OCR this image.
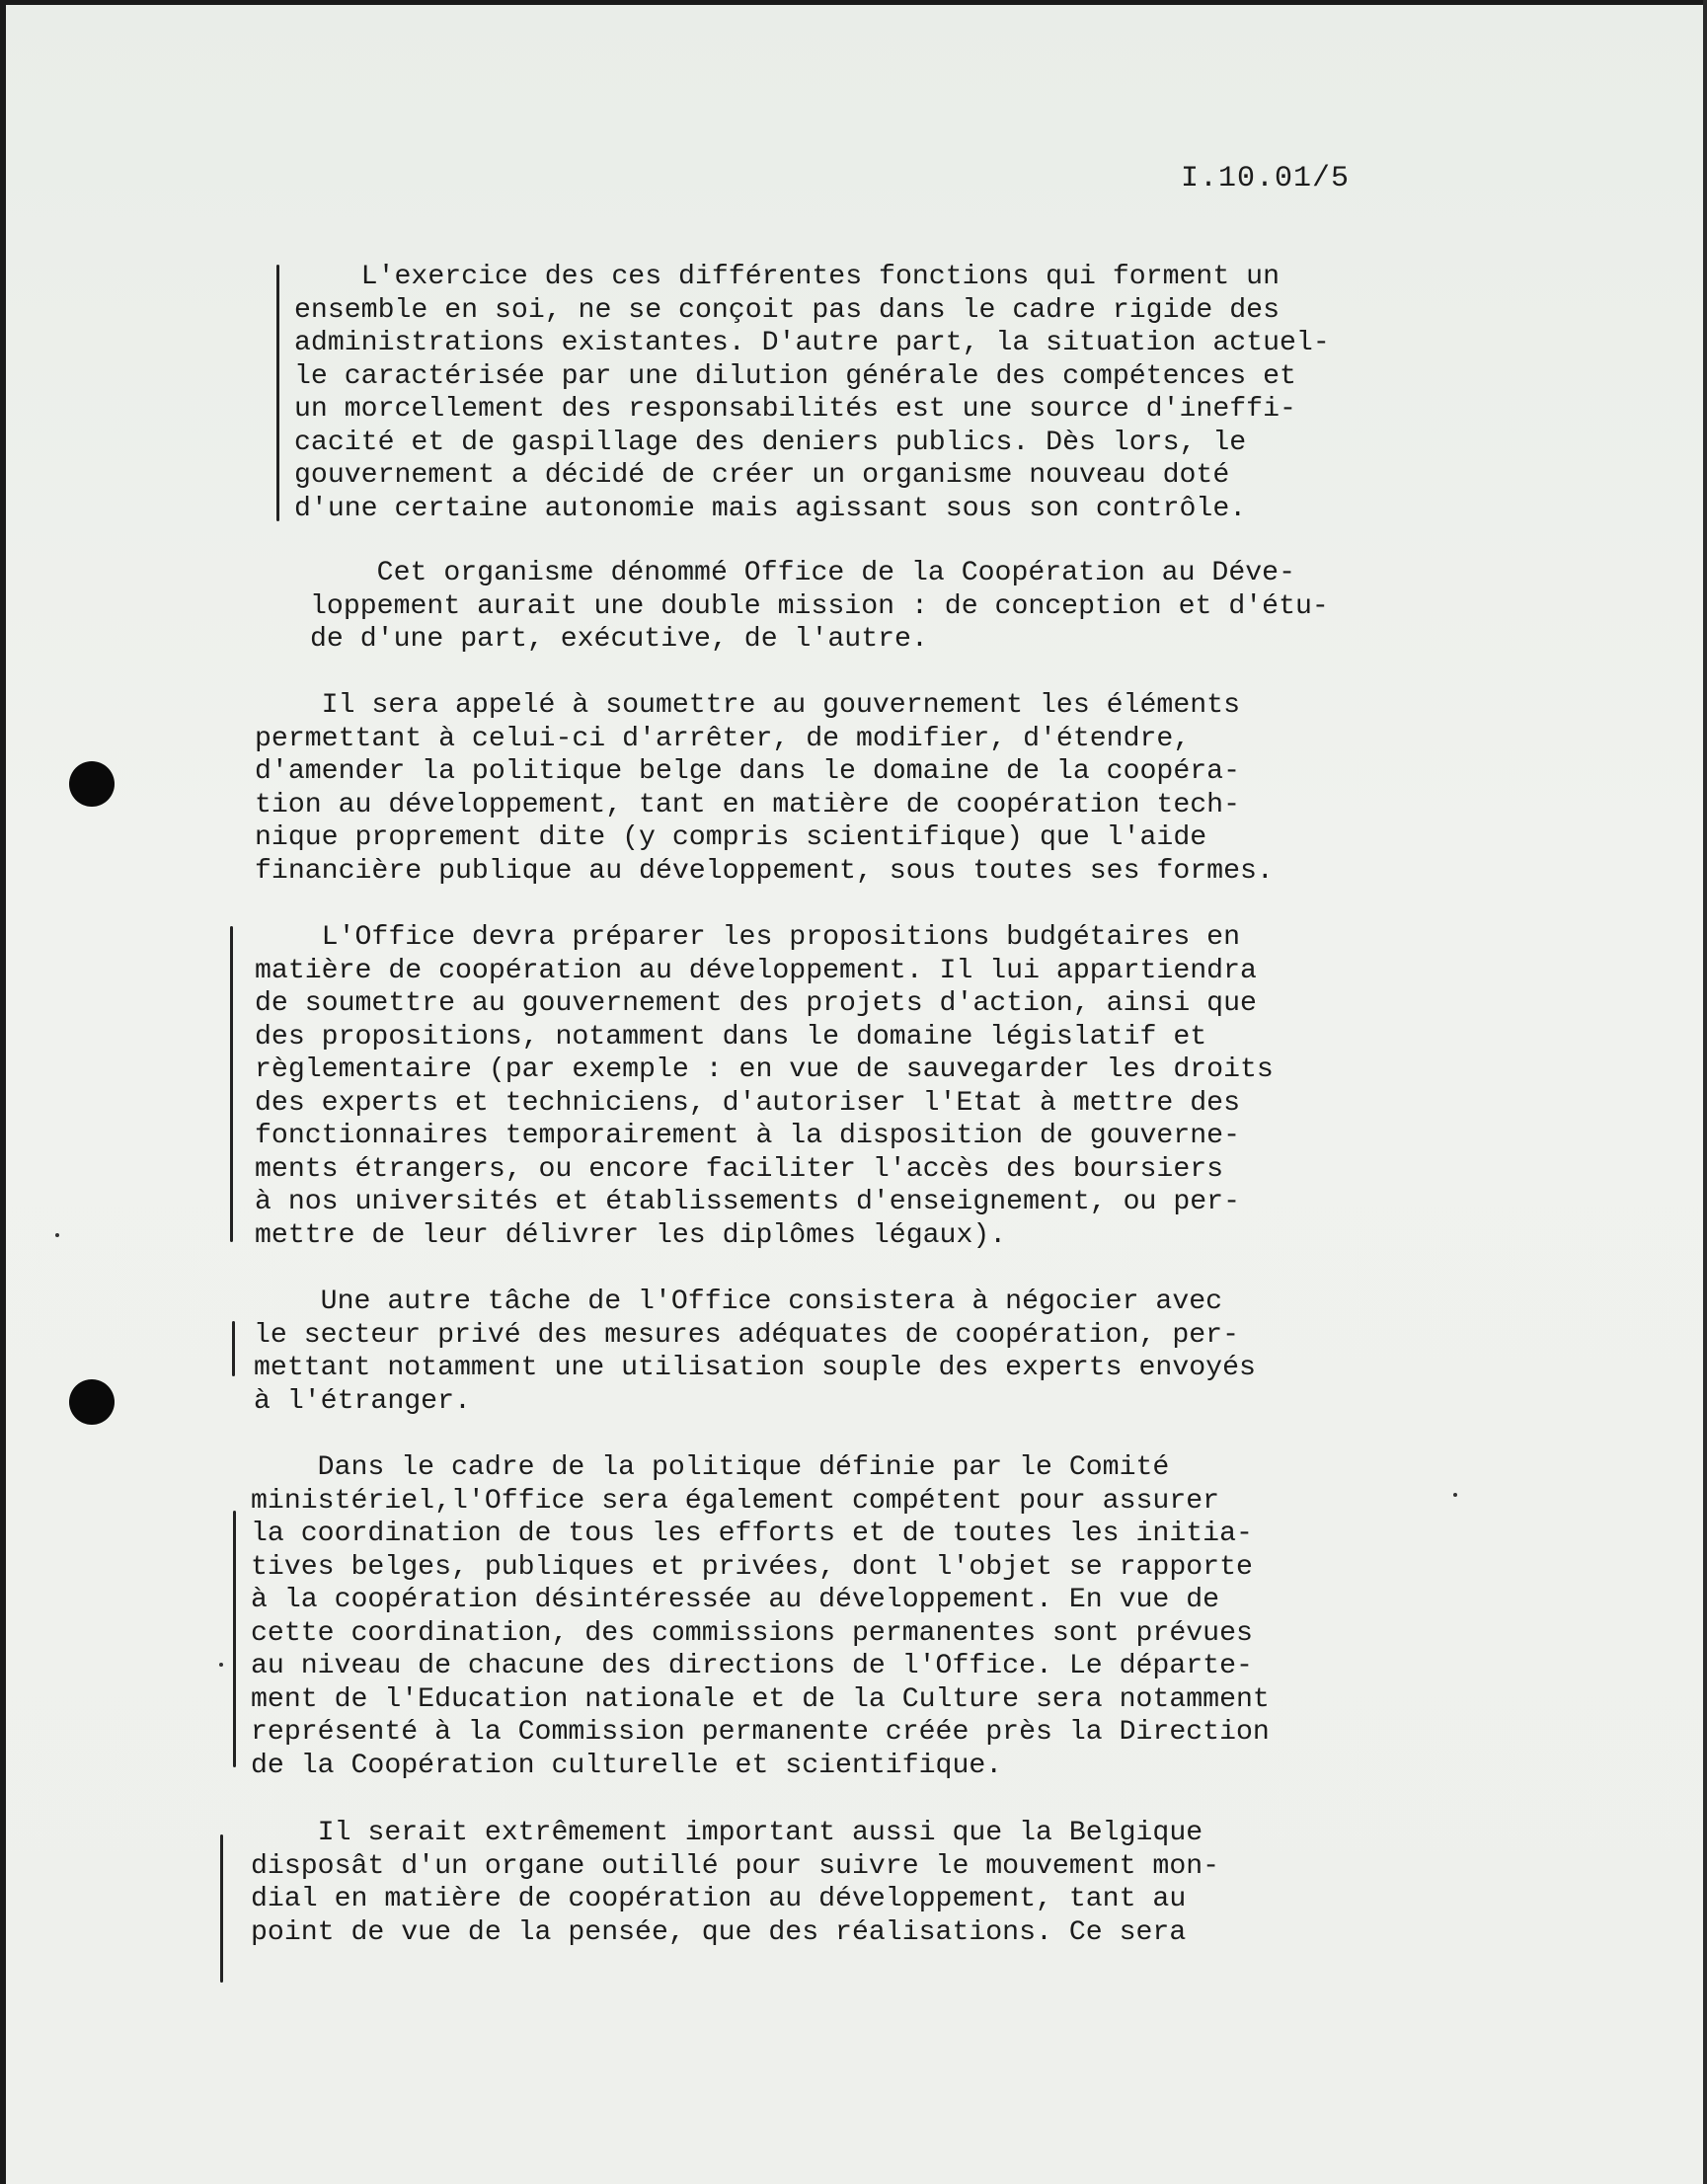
I.10.01/5
L'exercice des ces différentes fonctions qui forment un
ensemble en soi, ne se conçoit pas dans le cadre rigide des
administrations existantes. D'autre part, la situation actuel-
le caractérisée par une dilution générale des compétences et
un morcellement des responsabilités est une source d'ineffi-
cacité et de gaspillage des deniers publics. Dès lors, le
gouvernement a décidé de créer un organisme nouveau doté
d'une certaine autonomie mais agissant sous son contrôle.
Cet organisme dénommé Office de la Coopération au Déve-
loppement aurait une double mission : de conception et d'étu-
de d'une part, exécutive, de l'autre.
Il sera appelé à soumettre au gouvernement les éléments
permettant à celui-ci d'arrêter, de modifier, d'étendre,
d'amender la politique belge dans le domaine de la coopéra-
tion au développement, tant en matière de coopération tech-
nique proprement dite (y compris scientifique) que l'aide
financière publique au développement, sous toutes ses formes.
L'Office devra préparer les propositions budgétaires en
matière de coopération au développement. Il lui appartiendra
de soumettre au gouvernement des projets d'action, ainsi que
des propositions, notamment dans le domaine législatif et
règlementaire (par exemple : en vue de sauvegarder les droits
des experts et techniciens, d'autoriser l'Etat à mettre des
fonctionnaires temporairement à la disposition de gouverne-
ments étrangers, ou encore faciliter l'accès des boursiers
à nos universités et établissements d'enseignement, ou per-
mettre de leur délivrer les diplômes légaux).
Une autre tâche de l'Office consistera à négocier avec
le secteur privé des mesures adéquates de coopération, per-
mettant notamment une utilisation souple des experts envoyés
à l'étranger.
Dans le cadre de la politique définie par le Comité
ministériel,l'Office sera également compétent pour assurer
la coordination de tous les efforts et de toutes les initia-
tives belges, publiques et privées, dont l'objet se rapporte
à la coopération désintéressée au développement. En vue de
cette coordination, des commissions permanentes sont prévues
au niveau de chacune des directions de l'Office. Le départe-
ment de l'Education nationale et de la Culture sera notamment
représenté à la Commission permanente créée près la Direction
de la Coopération culturelle et scientifique.
Il serait extrêmement important aussi que la Belgique
disposât d'un organe outillé pour suivre le mouvement mon-
dial en matière de coopération au développement, tant au
point de vue de la pensée, que des réalisations. Ce sera
